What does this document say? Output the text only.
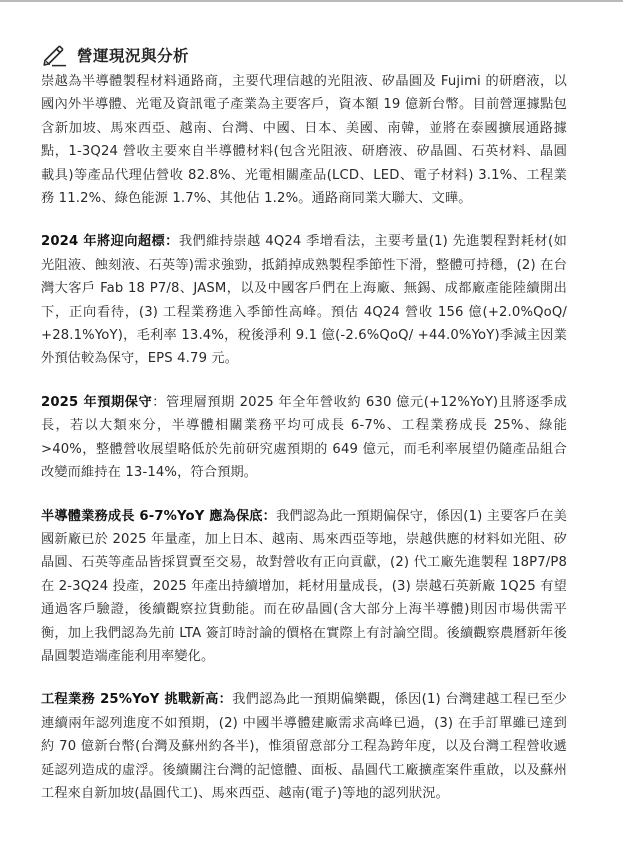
營運現況與分析

崇越為半導體製程材料通路商，主要代理信越的光阻液、矽晶圓及 Fujimi 的研磨液，以國內外半導體、光電及資訊電子產業為主要客戶，資本額 19 億新台幣。目前營運據點包含新加坡、馬來西亞、越南、台灣、中國、日本、美國、南韓，並將在泰國擴展通路據點，1-3Q24 營收主要來自半導體材料(包含光阻液、研磨液、矽晶圓、石英材料、晶圓載具)等產品代理佔營收 82.8%、光電相關產品(LCD、LED、電子材料) 3.1%、工程業務 11.2%、綠色能源 1.7%、其他佔 1.2%。通路商同業大聯大、文曄。

2024 年將迎向超標：我們維持崇越 4Q24 季增看法，主要考量(1) 先進製程對耗材(如光阻液、蝕刻液、石英等)需求強勁，抵銷掉成熟製程季節性下滑，整體可持穩，(2) 在台灣大客戶 Fab 18 P7/8、JASM，以及中國客戶們在上海廠、無錫、成都廠產能陸續開出下，正向看待，(3) 工程業務進入季節性高峰。預估 4Q24 營收 156 億(+2.0%QoQ/ +28.1%YoY)，毛利率 13.4%，稅後淨利 9.1 億(-2.6%QoQ/ +44.0%YoY)季減主因業外預估較為保守，EPS 4.79 元。

2025 年預期保守：管理層預期 2025 年全年營收約 630 億元(+12%YoY)且將逐季成長，若以大類來分，半導體相關業務平均可成長 6-7%、工程業務成長 25%、綠能>40%，整體營收展望略低於先前研究處預期的 649 億元，而毛利率展望仍隨產品組合改變而維持在 13-14%，符合預期。

半導體業務成長 6-7%YoY 應為保底：我們認為此一預期偏保守，係因(1) 主要客戶在美國新廠已於 2025 年量產，加上日本、越南、馬來西亞等地，崇越供應的材料如光阻、矽晶圓、石英等產品皆採買賣至交易，故對營收有正向貢獻，(2) 代工廠先進製程 18P7/P8 在 2-3Q24 投產，2025 年產出持續增加，耗材用量成長，(3) 崇越石英新廠 1Q25 有望通過客戶驗證，後續觀察拉貨動能。而在矽晶圓(含大部分上海半導體)則因市場供需平衡，加上我們認為先前 LTA 簽訂時討論的價格在實際上有討論空間。後續觀察農曆新年後晶圓製造端產能利用率變化。

工程業務 25%YoY 挑戰新高：我們認為此一預期偏樂觀，係因(1) 台灣建越工程已至少連續兩年認列進度不如預期，(2) 中國半導體建廠需求高峰已過，(3) 在手訂單雖已達到約 70 億新台幣(台灣及蘇州約各半)，惟須留意部分工程為跨年度，以及台灣工程營收遞延認列造成的虛浮。後續關注台灣的記憶體、面板、晶圓代工廠擴產案件重啟，以及蘇州工程來自新加坡(晶圓代工)、馬來西亞、越南(電子)等地的認列狀況。
